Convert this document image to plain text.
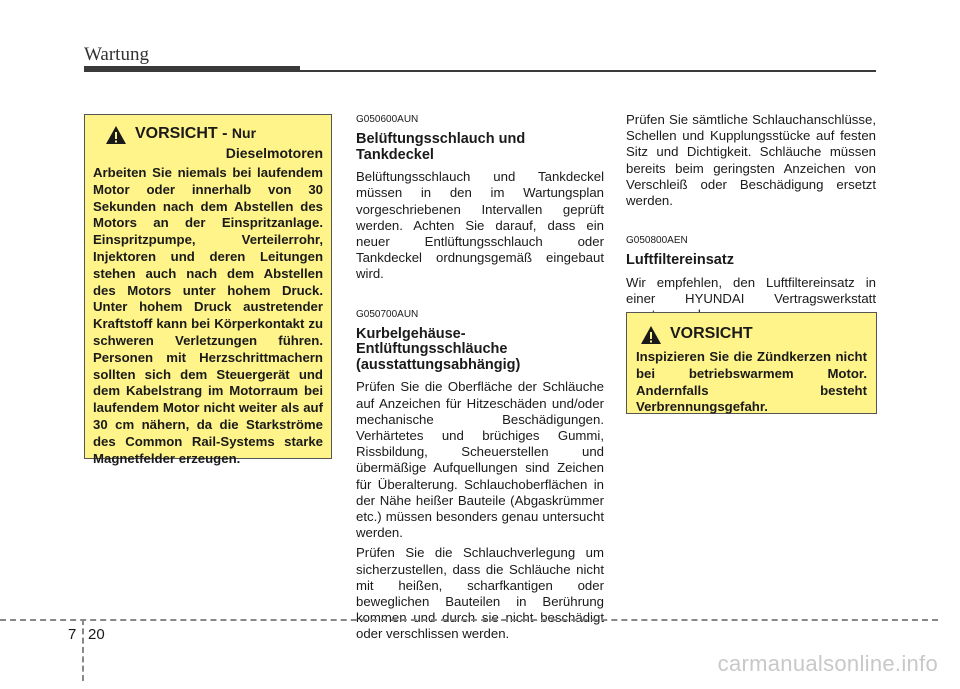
Wartung
VORSICHT - Nur
Dieselmotoren
Arbeiten Sie niemals bei laufendem Motor oder innerhalb von 30 Sekunden nach dem Abstellen des Motors an der Einspritzanlage. Einspritzpumpe, Verteilerrohr, Injektoren und deren Leitungen stehen auch nach dem Abstellen des Motors unter hohem Druck. Unter hohem Druck austretender Kraftstoff kann bei Körperkontakt zu schweren Verletzungen führen. Personen mit Herzschrittmachern sollten sich dem Steuergerät und dem Kabelstrang im Motorraum bei laufendem Motor nicht weiter als auf 30 cm nähern, da die Starkströme des Common Rail-Systems starke Magnetfelder erzeugen.
G050600AUN
Belüftungsschlauch und Tankdeckel

Belüftungsschlauch und Tankdeckel müssen in den im Wartungsplan vorgeschriebenen Intervallen geprüft werden. Achten Sie darauf, dass ein neuer Entlüftungsschlauch oder Tankdeckel ordnungsgemäß eingebaut wird.

G050700AUN
Kurbelgehäuse-Entlüftungsschläuche (ausstattungsabhängig)

Prüfen Sie die Oberfläche der Schläuche auf Anzeichen für Hitzeschäden und/oder mechanische Beschädigungen. Verhärtetes und brüchiges Gummi, Rissbildung, Scheuerstellen und übermäßige Aufquellungen sind Zeichen für Überalterung. Schlauchoberflächen in der Nähe heißer Bauteile (Abgaskrümmer etc.) müssen besonders genau untersucht werden.

Prüfen Sie die Schlauchverlegung um sicherzustellen, dass die Schläuche nicht mit heißen, scharfkantigen oder beweglichen Bauteilen in Berührung kommen und durch sie nicht beschädigt oder verschlissen werden.

Prüfen Sie sämtliche Schlauchanschlüsse, Schellen und Kupplungsstücke auf festen Sitz und Dichtigkeit. Schläuche müssen bereits beim geringsten Anzeichen von Verschleiß oder Beschädigung ersetzt werden.

G050800AEN
Luftfiltereinsatz

Wir empfehlen, den Luftfiltereinsatz in einer HYUNDAI Vertragswerkstatt

VORSICHT
Inspizieren Sie die Zündkerzen nicht bei betriebswarmem Motor. Andernfalls besteht Verbrennungsgefahr.
7 20
carmanualsonline.info
